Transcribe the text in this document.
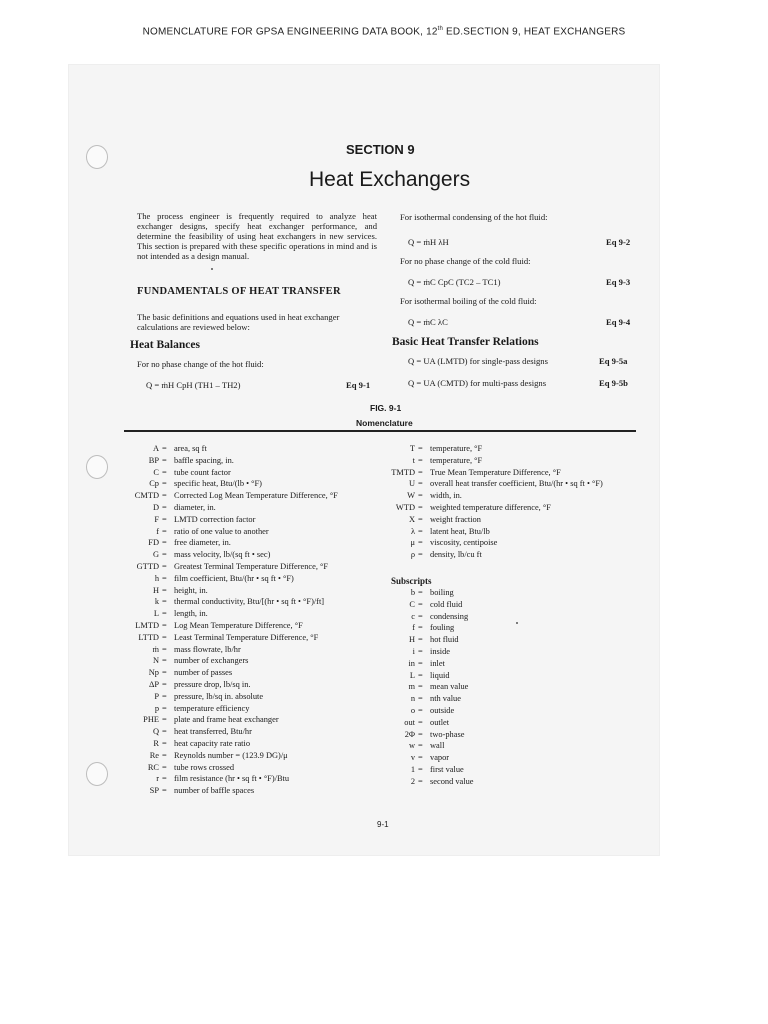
NOMENCLATURE FOR GPSA ENGINEERING DATA BOOK, 12th ED.SECTION 9, HEAT EXCHANGERS
SECTION 9
Heat Exchangers
The process engineer is frequently required to analyze heat exchanger designs, specify heat exchanger performance, and determine the feasibility of using heat exchangers in new services. This section is prepared with these specific operations in mind and is not intended as a design manual.
FUNDAMENTALS OF HEAT TRANSFER
The basic definitions and equations used in heat exchanger calculations are reviewed below:
Heat Balances
For no phase change of the hot fluid:
Q = ṁH CpH (TH1 – TH2)	Eq 9-1
For isothermal condensing of the hot fluid:
Q = ṁH λH	Eq 9-2
For no phase change of the cold fluid:
Q = ṁC CpC (TC2 – TC1)	Eq 9-3
For isothermal boiling of the cold fluid:
Q = ṁC λC	Eq 9-4
Basic Heat Transfer Relations
Q = UA (LMTD) for single-pass designs	Eq 9-5a
Q = UA (CMTD) for multi-pass designs	Eq 9-5b
FIG. 9-1
Nomenclature
A = area, sq ft
BP = baffle spacing, in.
C = tube count factor
Cp = specific heat, Btu/(lb • °F)
CMTD = Corrected Log Mean Temperature Difference, °F
D = diameter, in.
F = LMTD correction factor
f = ratio of one value to another
FD = free diameter, in.
G = mass velocity, lb/(sq ft • sec)
GTTD = Greatest Terminal Temperature Difference, °F
h = film coefficient, Btu/(hr • sq ft • °F)
H = height, in.
k = thermal conductivity, Btu/[(hr • sq ft • °F)/ft]
L = length, in.
LMTD = Log Mean Temperature Difference, °F
LTTD = Least Terminal Temperature Difference, °F
ṁ = mass flowrate, lb/hr
N = number of exchangers
Np = number of passes
ΔP = pressure drop, lb/sq in.
P = pressure, lb/sq in. absolute
p = temperature efficiency
PHE = plate and frame heat exchanger
Q = heat transferred, Btu/hr
R = heat capacity rate ratio
Re = Reynolds number = (123.9 DG)/μ
RC = tube rows crossed
r = film resistance (hr • sq ft • °F)/Btu
SP = number of baffle spaces
T = temperature, °F
t = temperature, °F
TMTD = True Mean Temperature Difference, °F
U = overall heat transfer coefficient, Btu/(hr • sq ft • °F)
W = width, in.
WTD = weighted temperature difference, °F
X = weight fraction
λ = latent heat, Btu/lb
μ = viscosity, centipoise
ρ = density, lb/cu ft
Subscripts
b = boiling
C = cold fluid
c = condensing
f = fouling
H = hot fluid
i = inside
in = inlet
L = liquid
m = mean value
n = nth value
o = outside
out = outlet
2Φ = two-phase
w = wall
v = vapor
1 = first value
2 = second value
9-1
